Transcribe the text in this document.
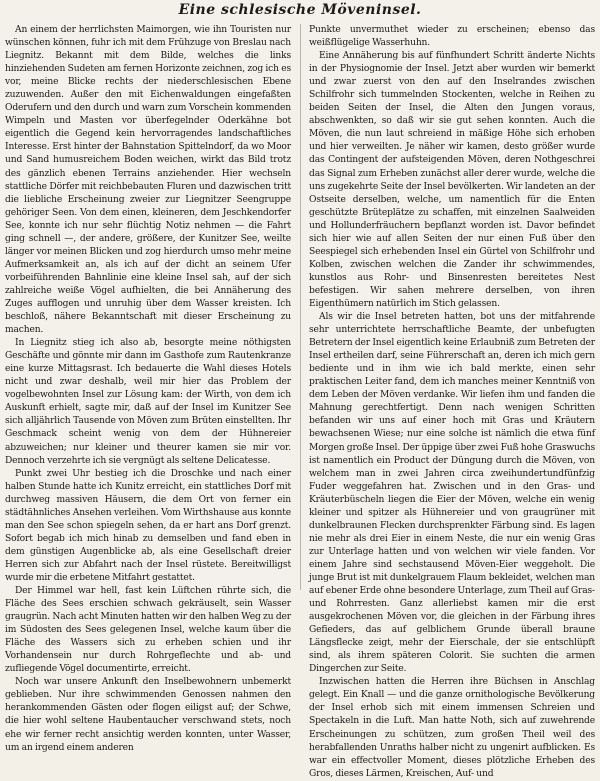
Eine schlesische Möveninsel.

An einem der herrlichsten Maimorgen, wie ihn Touristen nur wünschen können, fuhr ich mit dem Frühzuge von Breslau nach Liegnitz. Bekannt mit dem Bilde, welches die links hinziehenden Sudeten am fernen Horizonte zeichnen, zog ich es vor, meine Blicke rechts der niederschlesischen Ebene zuzuwenden. Außer den mit Eichenwaldungen eingefaßten Oderufern und den durch und warn zum Vorschein kommenden Wimpeln und Masten vor überfegelnder Oderkähne bot eigentlich die Gegend kein hervorragendes landschaftliches Interesse. Erst hinter der Bahnstation Spittelndorf, da wo Moor und Sand humusreichem Boden weichen, wirkt das Bild trotz des gänzlich ebenen Terrains anziehender. Hier wechseln stattliche Dörfer mit reichbebauten Fluren und dazwischen tritt die liebliche Erscheinung zweier zur Liegnitzer Seengruppe gehöriger Seen. Von dem einen, kleineren, dem Jeschkendorfer See, konnte ich nur sehr flüchtig Notiz nehmen — die Fahrt ging schnell —, der andere, größere, der Kunitzer See, weilte länger vor meinen Blicken und zog hierdurch umso mehr meine Aufmerksamkeit an, als ich auf der dicht an seinem Ufer vorbeiführenden Bahnlinie eine kleine Insel sah, auf der sich zahlreiche weiße Vögel aufhielten, die bei Annäherung des Zuges aufflogen und unruhig über dem Wasser kreisten. Ich beschloß, nähere Bekanntschaft mit dieser Erscheinung zu machen.

In Liegnitz stieg ich also ab, besorgte meine nöthigsten Geschäfte und gönnte mir dann im Gasthofe zum Rautenkranze eine kurze Mittagsrast. Ich bedauerte die Wahl dieses Hotels nicht und zwar deshalb, weil mir hier das Problem der vogelbewohnten Insel zur Lösung kam: der Wirth, von dem ich Auskunft erhielt, sagte mir, daß auf der Insel im Kunitzer See sich alljährlich Tausende von Möven zum Brüten einstellten. Ihr Geschmack scheint wenig von dem der Hühnereier abzuweichen; nur kleiner und theurer kamen sie mir vor. Dennoch verzehrte ich sie vergnügt als seltene Delicatesse.

Punkt zwei Uhr bestieg ich die Droschke und nach einer halben Stunde hatte ich Kunitz erreicht, ein stattliches Dorf mit durchweg massiven Häusern, die dem Ort von ferner ein städtähnliches Ansehen verleihen. Vom Wirthshause aus konnte man den See schon spiegeln sehen, da er hart ans Dorf grenzt. Sofort begab ich mich hinab zu demselben und fand eben in dem günstigen Augenblicke ab, als eine Gesellschaft dreier Herren sich zur Abfahrt nach der Insel rüstete. Bereitwilligst wurde mir die erbetene Mitfahrt gestattet.

Der Himmel war hell, fast kein Lüftchen rührte sich, die Fläche des Sees erschien schwach gekräuselt, sein Wasser graugrün. Nach acht Minuten hatten wir den halben Weg zu der im Südosten des Sees gelegenen Insel, welche kaum über die Fläche des Wassers sich zu erheben schien und ihr Vorhandensein nur durch Rohrgeflechte und ab- und zufliegende Vögel documentirte, erreicht.

Noch war unsere Ankunft den Inselbewohnern unbemerkt geblieben. Nur ihre schwimmenden Genossen nahmen den herankommenden Gästen oder flogen eiligst auf; der Schwe, die hier wohl seltene Haubentaucher verschwand stets, noch ehe wir ferner recht ansichtig werden konnten, unter Wasser, um an irgend einem anderen

Punkte unvermuthet wieder zu erscheinen; ebenso das weißflügelige Wasserhuhn.

Eine Annäherung bis auf fünfhundert Schritt änderte Nichts in der Physiognomie der Insel. Jetzt aber wurden wir bemerkt und zwar zuerst von den auf den Inselrandes zwischen Schilfrohr sich tummelnden Stockenten, welche in Reihen zu beiden Seiten der Insel, die Alten den Jungen voraus, abschwenkten, so daß wir sie gut sehen konnten. Auch die Möven, die nun laut schreiend in mäßige Höhe sich erhoben und hier verweilten. Je näher wir kamen, desto größer wurde das Contingent der aufsteigenden Möven, deren Nothgeschrei das Signal zum Erheben zunächst aller derer wurde, welche die uns zugekehrte Seite der Insel bevölkerten. Wir landeten an der Ostseite derselben, welche, um namentlich für die Enten geschützte Brüteplätze zu schaffen, mit einzelnen Saalweiden und Hollunderfräuchern bepflanzt worden ist. Davor befindet sich hier wie auf allen Seiten der nur einen Fuß über den Seespiegel sich erhebenden Insel ein Gürtel von Schilfrohr und Kolben, zwischen welchen die Zander ihr schwimmendes, kunstlos aus Rohr- und Binsenresten bereitetes Nest befestigen. Wir sahen mehrere derselben, von ihren Eigenthümern natürlich im Stich gelassen.

Als wir die Insel betreten hatten, bot uns der mitfahrende sehr unterrichtete herrschaftliche Beamte, der unbefugten Betretern der Insel eigentlich keine Erlaubniß zum Betreten der Insel ertheilen darf, seine Führerschaft an, deren ich mich gern bediente und in ihm wie ich bald merkte, einen sehr praktischen Leiter fand, dem ich manches meiner Kenntniß von dem Leben der Möven verdanke. Wir liefen ihm und fanden die Mahnung gerechtfertigt. Denn nach wenigen Schritten befanden wir uns auf einer hoch mit Gras und Kräutern bewachsenen Wiese; nur eine solche ist nämlich die etwa fünf Morgen große Insel. Der üppige über zwei Fuß hohe Graswuchs ist namentlich ein Product der Düngung durch die Möven, von welchem man in zwei Jahren circa zweihundertundfünfzig Fuder weggefahren hat. Zwischen und in den Gras- und Kräuterbüscheln liegen die Eier der Möven, welche ein wenig kleiner und spitzer als Hühnereier und von graugrüner mit dunkelbraunen Flecken durchsprenkter Färbung sind. Es lagen nie mehr als drei Eier in einem Neste, die nur ein wenig Gras zur Unterlage hatten und von welchen wir viele fanden. Vor einem Jahre sind sechstausend Möven-Eier weggeholt. Die junge Brut ist mit dunkelgrauem Flaum bekleidet, welchen man auf ebener Erde ohne besondere Unterlage, zum Theil auf Gras- und Rohrresten. Ganz allerliebst kamen mir die erst ausgekrochenen Möven vor, die gleichen in der Färbung ihres Gefieders, das auf gelblichem Grunde überall braune Längsflecke zeigt, mehr der Eierschale, der sie entschlüpft sind, als ihrem späteren Colorit. Sie suchten die armen Dingerchen zur Seite.

Inzwischen hatten die Herren ihre Büchsen in Anschlag gelegt. Ein Knall — und die ganze ornithologische Bevölkerung der Insel erhob sich mit einem immensen Schreien und Spectakeln in die Luft. Man hatte Noth, sich auf zuwehrende Erscheinungen zu schützen, zum großen Theil weil des herabfallenden Unraths halber nicht zu ungenirt aufblicken. Es war ein effectvoller Moment, dieses plötzliche Erheben des Gros, dieses Lärmen, Kreischen, Auf- und
